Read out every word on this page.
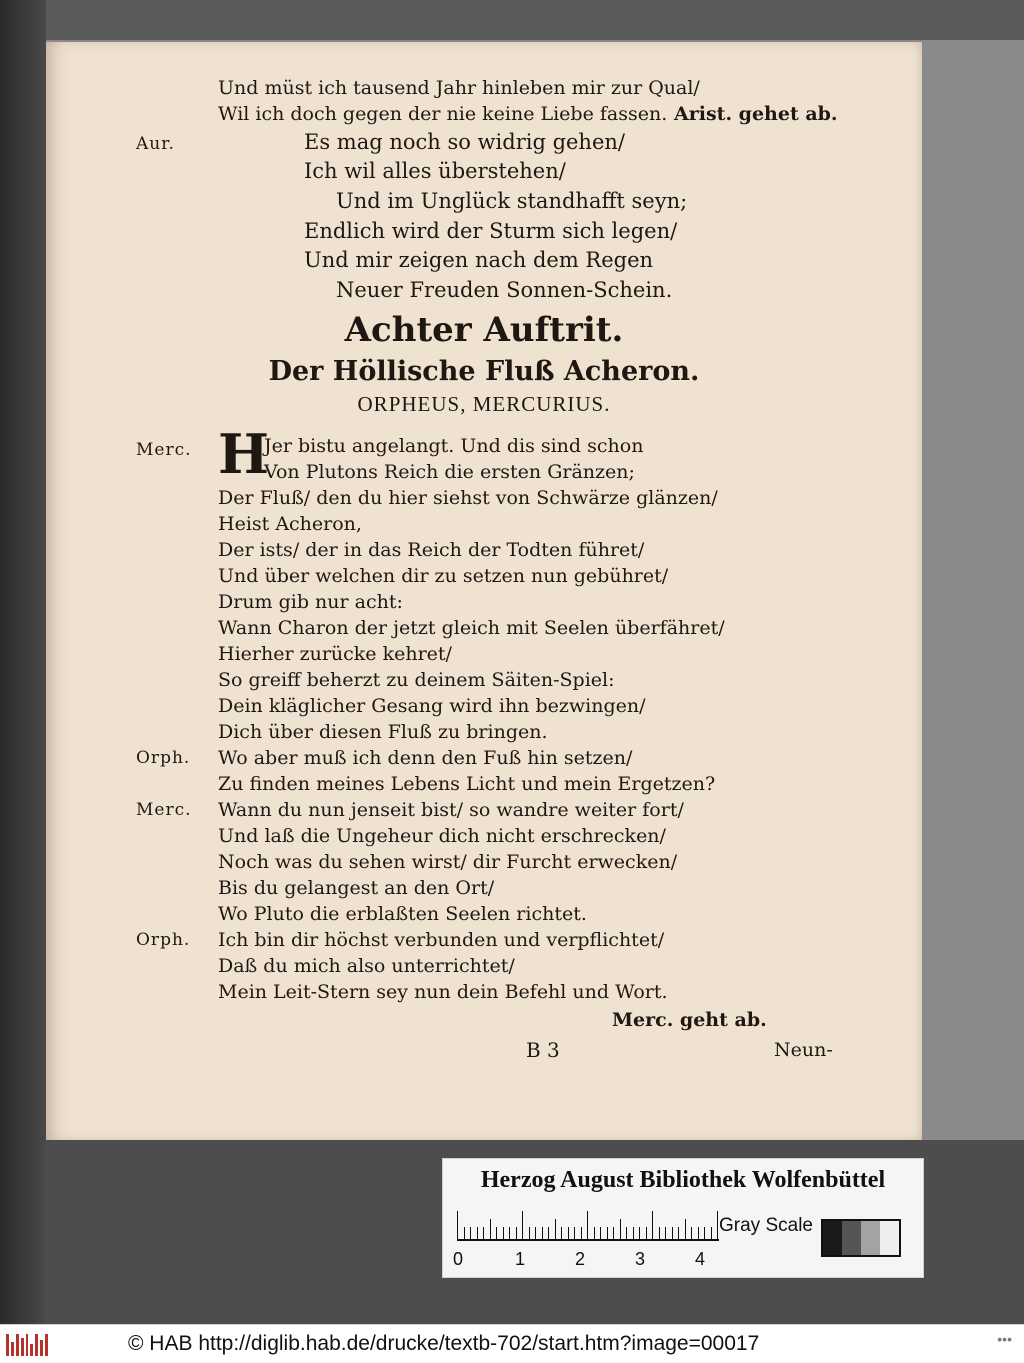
Und müst ich tausend Jahr hinleben mir zur Qual/
Wil ich doch gegen der nie keine Liebe fassen. Arist. gehet ab.
Aur.	Es mag noch so widrig gehen/
Ich wil alles überstehen/
Und im Unglück standhafft seyn;
Endlich wird der Sturm sich legen/
Und mir zeigen nach dem Regen
Neuer Freuden Sonnen-Schein.
Achter Auftrit.
Der Höllische Fluß Acheron.
ORPHEUS, MERCURIUS.
H
Merc.	Jer bistu angelangt. Und dis sind schon
Von Plutons Reich die ersten Gränzen;
Der Fluß/ den du hier siehst von Schwärze glänzen/
Heist Acheron,
Der ists/ der in das Reich der Todten führet/
Und über welchen dir zu setzen nun gebühret/
Drum gib nur acht:
Wann Charon der jetzt gleich mit Seelen überfähret/
Hierher zurücke kehret/
So greiff beherzt zu deinem Säiten-Spiel:
Dein kläglicher Gesang wird ihn bezwingen/
Dich über diesen Fluß zu bringen.
Orph. Wo aber muß ich denn den Fuß hin setzen/
Zu finden meines Lebens Licht und mein Ergetzen?
Merc. Wann du nun jenseit bist/ so wandre weiter fort/
Und laß die Ungeheur dich nicht erschrecken/
Noch was du sehen wirst/ dir Furcht erwecken/
Bis du gelangest an den Ort/
Wo Pluto die erblaßten Seelen richtet.
Orph. Ich bin dir höchst verbunden und verpflichtet/
Daß du mich also unterrichtet/
Mein Leit-Stern sey nun dein Befehl und Wort.
Merc. geht ab.
B 3	Neun-
Herzog August Bibliothek Wolfenbüttel
0	1	2	3	4
Gray Scale
© HAB http://diglib.hab.de/drucke/textb-702/start.htm?image=00017	•••
